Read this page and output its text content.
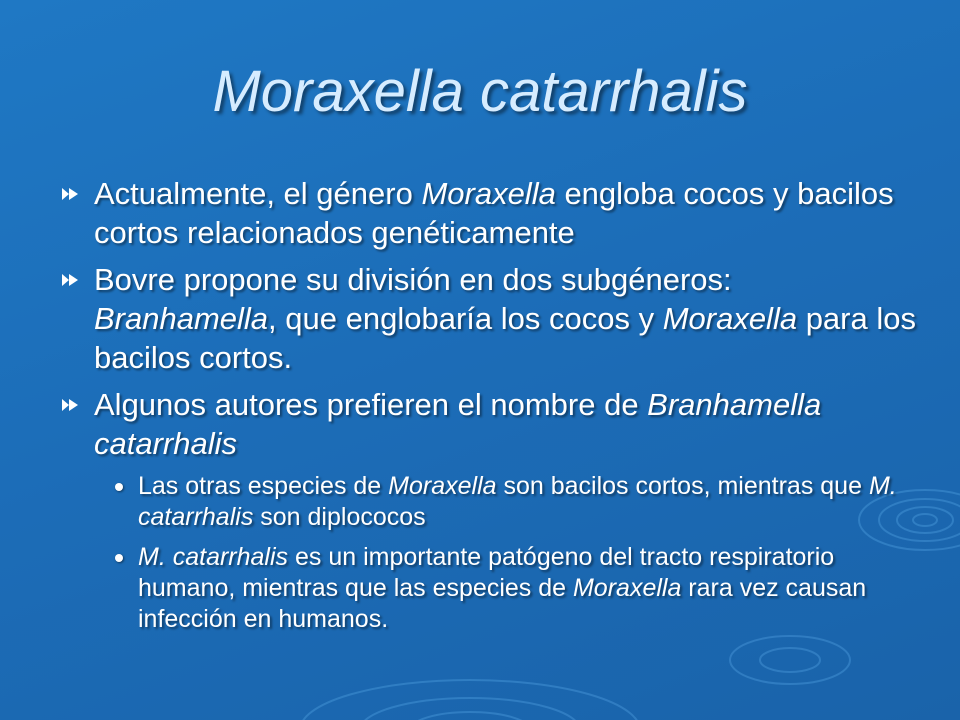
Moraxella catarrhalis
Actualmente, el género Moraxella engloba cocos y bacilos cortos relacionados genéticamente
Bovre propone su división en dos subgéneros: Branhamella, que englobaría los cocos y Moraxella para los bacilos cortos.
Algunos autores prefieren el nombre de Branhamella catarrhalis
Las otras especies de Moraxella son bacilos cortos, mientras que M. catarrhalis son diplococos
M. catarrhalis es un importante patógeno del tracto respiratorio humano, mientras que las especies de Moraxella rara vez causan infección en humanos.
